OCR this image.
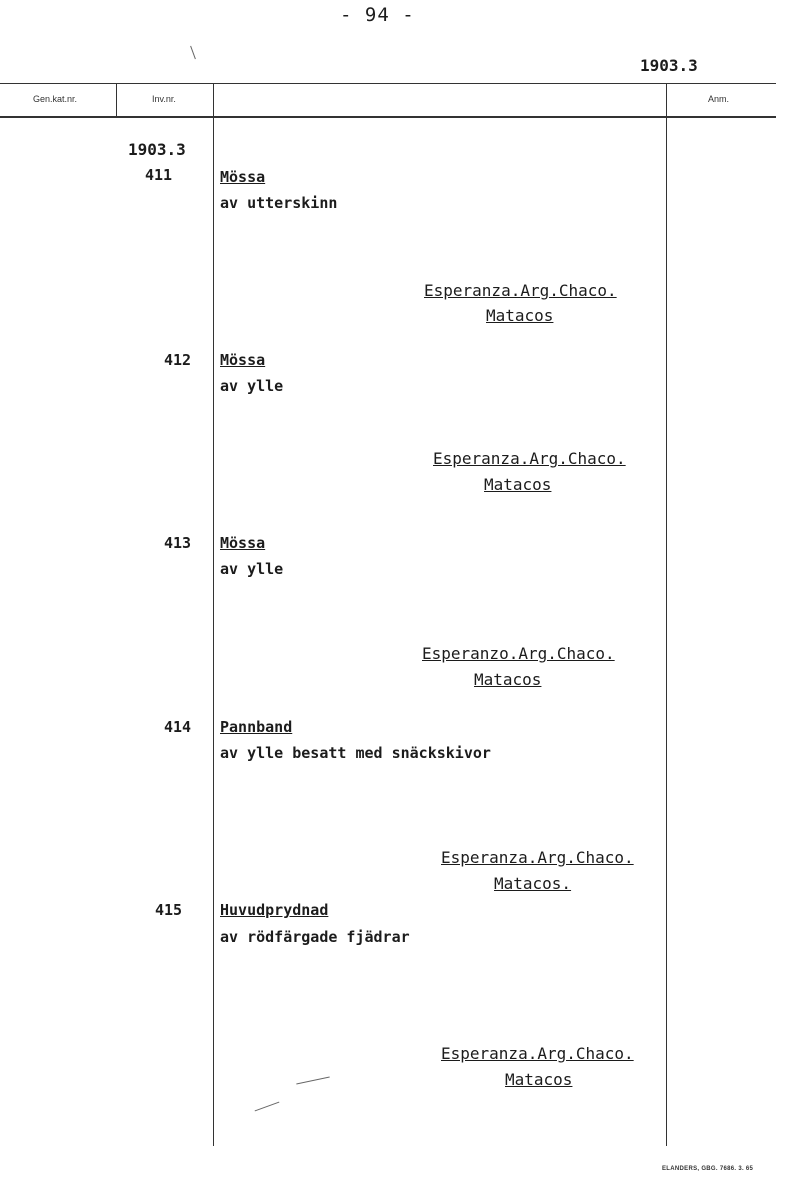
- 94 -
1903.3
Gen.kat.nr.	Inv.nr.	Anm.
1903.3
411	Mössa
av utterskinn
Esperanza.Arg.Chaco.
Matacos
412 Mössa
av ylle
Esperanza.Arg.Chaco.
Matacos
413 Mössa
av ylle
Esperanzo.Arg.Chaco.
Matacos
414 Pannband
av ylle besatt med snäckskivor
Esperanza.Arg.Chaco.
Matacos.
415	Huvudprydnad
av rödfärgade fjädrar
Esperanza.Arg.Chaco.
Matacos
ELANDERS, GBG. 7686. 3. 65
